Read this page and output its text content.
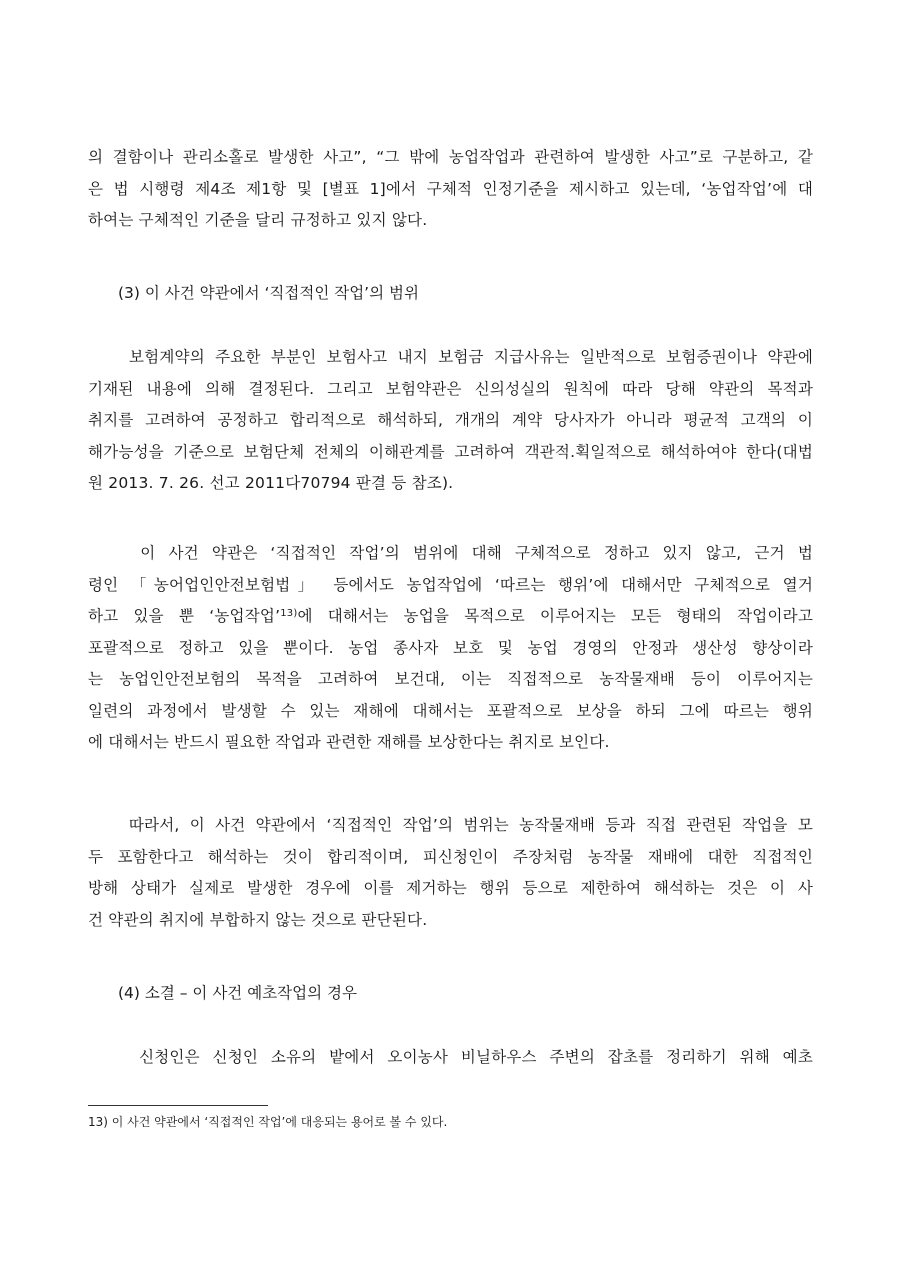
의 결함이나 관리소홀로 발생한 사고”, “그 밖에 농업작업과 관련하여 발생한 사고”로 구분하고, 같
은 법 시행령 제4조 제1항 및 [별표 1]에서 구체적 인정기준을 제시하고 있는데, ‘농업작업’에 대
하여는 구체적인 기준을 달리 규정하고 있지 않다.

(3) 이 사건 약관에서 ‘직접적인 작업’의 범위

보험계약의 주요한 부분인 보험사고 내지 보험금 지급사유는 일반적으로 보험증권이나 약관에
기재된 내용에 의해 결정된다. 그리고 보험약관은 신의성실의 원칙에 따라 당해 약관의 목적과
취지를 고려하여 공정하고 합리적으로 해석하되, 개개의 계약 당사자가 아니라 평균적 고객의 이
해가능성을 기준으로 보험단체 전체의 이해관계를 고려하여 객관적.획일적으로 해석하여야 한다(대법
원 2013. 7. 26. 선고 2011다70794 판결 등 참조).
이 사건 약관은 ‘직접적인 작업’의 범위에 대해 구체적으로 정하고 있지 않고, 근거 법
령인 「농어업인안전보험법」 등에서도 농업작업에 ‘따르는 행위’에 대해서만 구체적으로 열거
하고 있을 뿐 ‘농업작업’$^{13)}$에 대해서는 농업을 목적으로 이루어지는 모든 형태의 작업이라고
포괄적으로 정하고 있을 뿐이다. 농업 종사자 보호 및 농업 경영의 안정과 생산성 향상이라
는 농업인안전보험의 목적을 고려하여 보건대, 이는 직접적으로 농작물재배 등이 이루어지는
일련의 과정에서 발생할 수 있는 재해에 대해서는 포괄적으로 보상을 하되 그에 따르는 행위
에 대해서는 반드시 필요한 작업과 관련한 재해를 보상한다는 취지로 보인다.
따라서, 이 사건 약관에서 ‘직접적인 작업’의 범위는 농작물재배 등과 직접 관련된 작업을 모
두 포함한다고 해석하는 것이 합리적이며, 피신청인이 주장처럼 농작물 재배에 대한 직접적인
방해 상태가 실제로 발생한 경우에 이를 제거하는 행위 등으로 제한하여 해석하는 것은 이 사
건 약관의 취지에 부합하지 않는 것으로 판단된다.

(4) 소결 – 이 사건 예초작업의 경우

신청인은 신청인 소유의 밭에서 오이농사 비닐하우스 주변의 잡초를 정리하기 위해 예초

13) 이 사건 약관에서 ‘직접적인 작업’에 대응되는 용어로 볼 수 있다.
